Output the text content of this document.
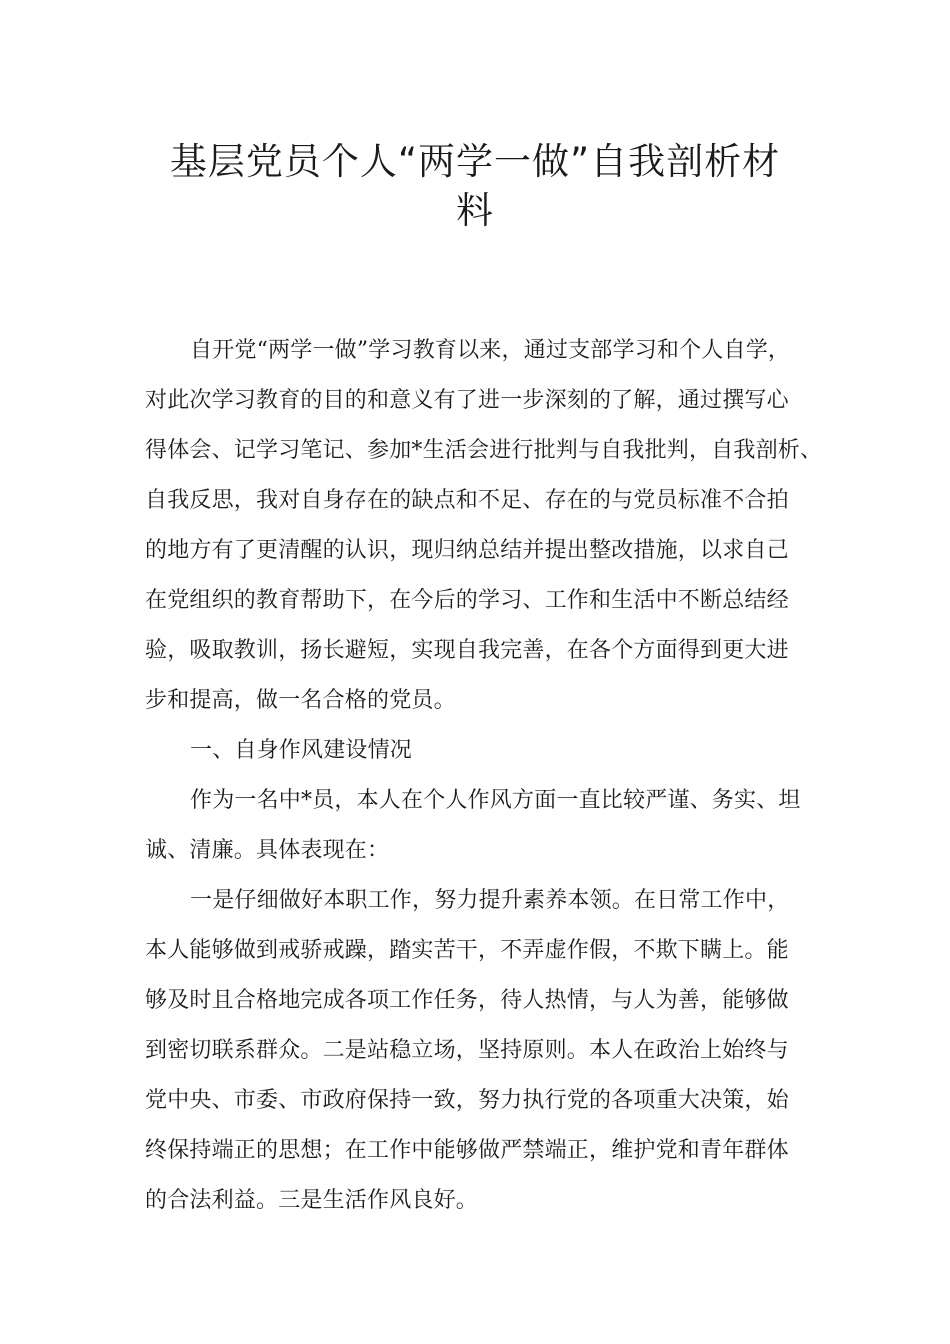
基层党员个人“两学一做”自我剖析材
料
自开党“两学一做”学习教育以来，通过支部学习和个人自学，
对此次学习教育的目的和意义有了进一步深刻的了解，通过撰写心
得体会、记学习笔记、参加*生活会进行批判与自我批判，自我剖析、
自我反思，我对自身存在的缺点和不足、存在的与党员标准不合拍
的地方有了更清醒的认识，现归纳总结并提出整改措施，以求自己
在党组织的教育帮助下，在今后的学习、工作和生活中不断总结经
验，吸取教训，扬长避短，实现自我完善，在各个方面得到更大进
步和提高，做一名合格的党员。
一、自身作风建设情况
作为一名中*员，本人在个人作风方面一直比较严谨、务实、坦
诚、清廉。具体表现在：
一是仔细做好本职工作，努力提升素养本领。在日常工作中，
本人能够做到戒骄戒躁，踏实苦干，不弄虚作假，不欺下瞒上。能
够及时且合格地完成各项工作任务，待人热情，与人为善，能够做
到密切联系群众。二是站稳立场，坚持原则。本人在政治上始终与
党中央、市委、市政府保持一致，努力执行党的各项重大决策，始
终保持端正的思想；在工作中能够做严禁端正，维护党和青年群体
的合法利益。三是生活作风良好。
